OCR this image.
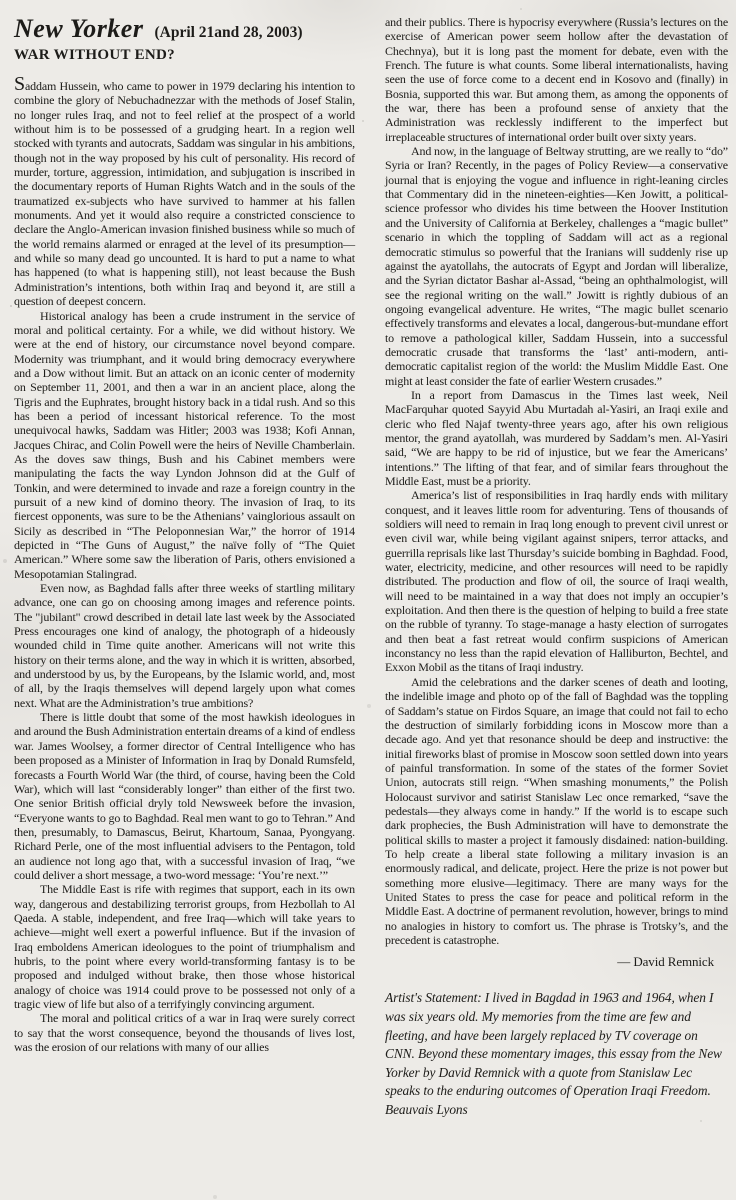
New Yorker (April 21and 28, 2003)
WAR WITHOUT END?

Saddam Hussein, who came to power in 1979 declaring his intention to combine the glory of Nebuchadnezzar with the methods of Josef Stalin, no longer rules Iraq, and not to feel relief at the prospect of a world without him is to be possessed of a grudging heart. In a region well stocked with tyrants and autocrats, Saddam was singular in his ambitions, though not in the way proposed by his cult of personality. His record of murder, torture, aggression, intimidation, and subjugation is inscribed in the documentary reports of Human Rights Watch and in the souls of the traumatized ex-subjects who have survived to hammer at his fallen monuments. And yet it would also require a constricted conscience to declare the Anglo-American invasion finished business while so much of the world remains alarmed or enraged at the level of its presumption—and while so many dead go uncounted. It is hard to put a name to what has happened (to what is happening still), not least because the Bush Administration’s intentions, both within Iraq and beyond it, are still a question of deepest concern.

Historical analogy has been a crude instrument in the service of moral and political certainty. For a while, we did without history. We were at the end of history, our circumstance novel beyond compare. Modernity was triumphant, and it would bring democracy everywhere and a Dow without limit. But an attack on an iconic center of modernity on September 11, 2001, and then a war in an ancient place, along the Tigris and the Euphrates, brought history back in a tidal rush. And so this has been a period of incessant historical reference. To the most unequivocal hawks, Saddam was Hitler; 2003 was 1938; Kofi Annan, Jacques Chirac, and Colin Powell were the heirs of Neville Chamberlain. As the doves saw things, Bush and his Cabinet members were manipulating the facts the way Lyndon Johnson did at the Gulf of Tonkin, and were determined to invade and raze a foreign country in the pursuit of a new kind of domino theory. The invasion of Iraq, to its fiercest opponents, was sure to be the Athenians’ vainglorious assault on Sicily as described in “The Peloponnesian War,” the horror of 1914 depicted in “The Guns of August,” the naïve folly of “The Quiet American.” Where some saw the liberation of Paris, others envisioned a Mesopotamian Stalingrad.

Even now, as Baghdad falls after three weeks of startling military advance, one can go on choosing among images and reference points. The "jubilant" crowd described in detail late last week by the Associated Press encourages one kind of analogy, the photograph of a hideously wounded child in Time quite another. Americans will not write this history on their terms alone, and the way in which it is written, absorbed, and understood by us, by the Europeans, by the Islamic world, and, most of all, by the Iraqis themselves will depend largely upon what comes next. What are the Administration’s true ambitions?

There is little doubt that some of the most hawkish ideologues in and around the Bush Administration entertain dreams of a kind of endless war. James Woolsey, a former director of Central Intelligence who has been proposed as a Minister of Information in Iraq by Donald Rumsfeld, forecasts a Fourth World War (the third, of course, having been the Cold War), which will last “considerably longer” than either of the first two. One senior British official dryly told Newsweek before the invasion, “Everyone wants to go to Baghdad. Real men want to go to Tehran.” And then, presumably, to Damascus, Beirut, Khartoum, Sanaa, Pyongyang. Richard Perle, one of the most influential advisers to the Pentagon, told an audience not long ago that, with a successful invasion of Iraq, “we could deliver a short message, a two-word message: ‘You’re next.’”

The Middle East is rife with regimes that support, each in its own way, dangerous and destabilizing terrorist groups, from Hezbollah to Al Qaeda. A stable, independent, and free Iraq—which will take years to achieve—might well exert a powerful influence. But if the invasion of Iraq emboldens American ideologues to the point of triumphalism and hubris, to the point where every world-transforming fantasy is to be proposed and indulged without brake, then those whose historical analogy of choice was 1914 could prove to be possessed not only of a tragic view of life but also of a terrifyingly convincing argument.

The moral and political critics of a war in Iraq were surely correct to say that the worst consequence, beyond the thousands of lives lost, was the erosion of our relations with many of our allies

and their publics. There is hypocrisy everywhere (Russia’s lectures on the exercise of American power seem hollow after the devastation of Chechnya), but it is long past the moment for debate, even with the French. The future is what counts. Some liberal internationalists, having seen the use of force come to a decent end in Kosovo and (finally) in Bosnia, supported this war. But among them, as among the opponents of the war, there has been a profound sense of anxiety that the Administration was recklessly indifferent to the imperfect but irreplaceable structures of international order built over sixty years.

And now, in the language of Beltway strutting, are we really to “do” Syria or Iran? Recently, in the pages of Policy Review—a conservative journal that is enjoying the vogue and influence in right-leaning circles that Commentary did in the nineteen-eighties—Ken Jowitt, a political-science professor who divides his time between the Hoover Institution and the University of California at Berkeley, challenges a “magic bullet” scenario in which the toppling of Saddam will act as a regional democratic stimulus so powerful that the Iranians will suddenly rise up against the ayatollahs, the autocrats of Egypt and Jordan will liberalize, and the Syrian dictator Bashar al-Assad, “being an ophthalmologist, will see the regional writing on the wall.” Jowitt is rightly dubious of an ongoing evangelical adventure. He writes, “The magic bullet scenario effectively transforms and elevates a local, dangerous-but-mundane effort to remove a pathological killer, Saddam Hussein, into a successful democratic crusade that transforms the ‘last’ anti-modern, anti-democratic capitalist region of the world: the Muslim Middle East. One might at least consider the fate of earlier Western crusades.”

In a report from Damascus in the Times last week, Neil MacFarquhar quoted Sayyid Abu Murtadah al-Yasiri, an Iraqi exile and cleric who fled Najaf twenty-three years ago, after his own religious mentor, the grand ayatollah, was murdered by Saddam’s men. Al-Yasiri said, “We are happy to be rid of injustice, but we fear the Americans’ intentions.” The lifting of that fear, and of similar fears throughout the Middle East, must be a priority.

America’s list of responsibilities in Iraq hardly ends with military conquest, and it leaves little room for adventuring. Tens of thousands of soldiers will need to remain in Iraq long enough to prevent civil unrest or even civil war, while being vigilant against snipers, terror attacks, and guerrilla reprisals like last Thursday’s suicide bombing in Baghdad. Food, water, electricity, medicine, and other resources will need to be rapidly distributed. The production and flow of oil, the source of Iraqi wealth, will need to be maintained in a way that does not imply an occupier’s exploitation. And then there is the question of helping to build a free state on the rubble of tyranny. To stage-manage a hasty election of surrogates and then beat a fast retreat would confirm suspicions of American inconstancy no less than the rapid elevation of Halliburton, Bechtel, and Exxon Mobil as the titans of Iraqi industry.

Amid the celebrations and the darker scenes of death and looting, the indelible image and photo op of the fall of Baghdad was the toppling of Saddam’s statue on Firdos Square, an image that could not fail to echo the destruction of similarly forbidding icons in Moscow more than a decade ago. And yet that resonance should be deep and instructive: the initial fireworks blast of promise in Moscow soon settled down into years of painful transformation. In some of the states of the former Soviet Union, autocrats still reign. “When smashing monuments,” the Polish Holocaust survivor and satirist Stanislaw Lec once remarked, “save the pedestals—they always come in handy.” If the world is to escape such dark prophecies, the Bush Administration will have to demonstrate the political skills to master a project it famously disdained: nation-building. To help create a liberal state following a military invasion is an enormously radical, and delicate, project. Here the prize is not power but something more elusive—legitimacy. There are many ways for the United States to press the case for peace and political reform in the Middle East. A doctrine of permanent revolution, however, brings to mind no analogies in history to comfort us. The phrase is Trotsky’s, and the precedent is catastrophe.

— David Remnick

Artist's Statement: I lived in Bagdad in 1963 and 1964, when I was six years old. My memories from the time are few and fleeting, and have been largely replaced by TV coverage on CNN. Beyond these momentary images, this essay from the New Yorker by David Remnick with a quote from Stanislaw Lec speaks to the enduring outcomes of Operation Iraqi Freedom. Beauvais Lyons
